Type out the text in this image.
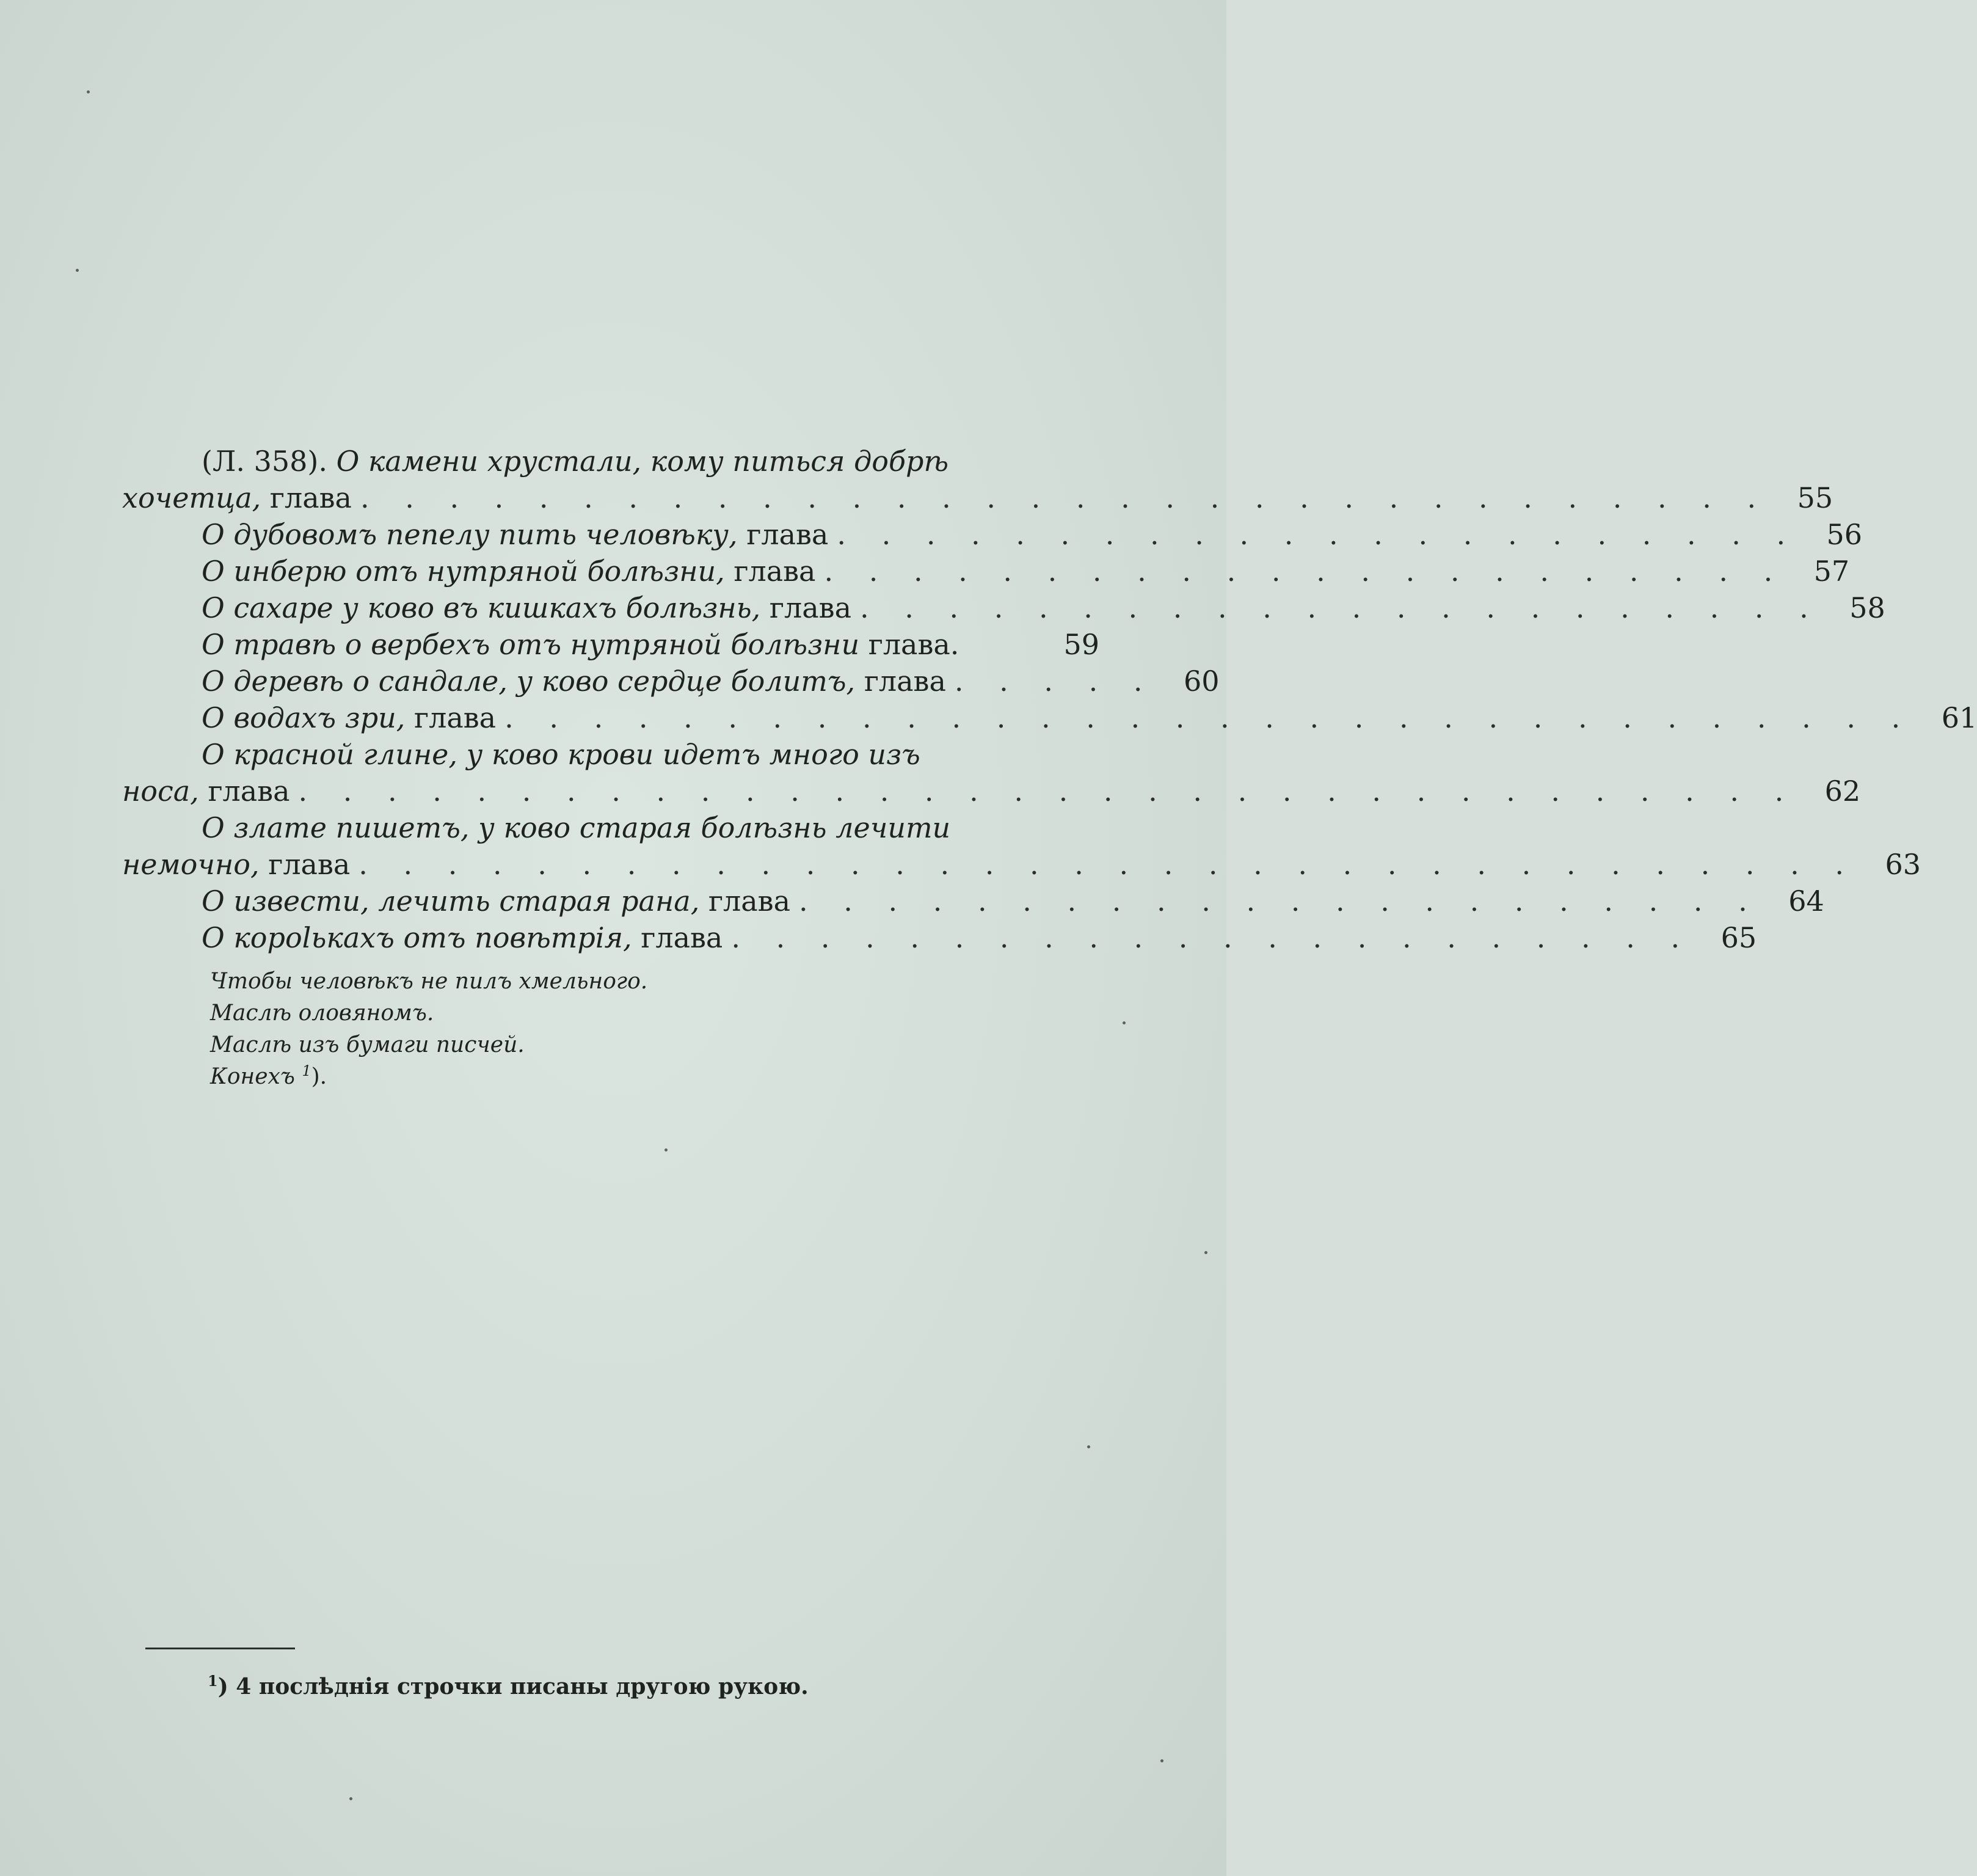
(Л. 358).
О камени хрустали, кому питься добрѣ
хочетца,
глава . . . . . . . . . . . . . . . . . . . . . . . . . . . . . . . . 55
О дубовомъ пепелу пить человѣку,
глава . . . . . . . . . . . . . . . . . . . . . . 56
О инберю отъ нутряной болѣзни,
глава . . . . . . . . . . . . . . . . . . . . . . 57
О сахаре у ково въ кишкахъ болѣзнь,
глава . . . . . . . . . . . . . . . . . . . . . . 58
О травѣ о вербехъ отъ нутряной болѣзни
глава.	59
О деревѣ о сандале, у ково сердце болитъ,
глава . . . . . 60
О водахъ зри,
глава . . . . . . . . . . . . . . . . . . . . . . . . . . . . . . . . 61
О красной глине, у ково крови идетъ много изъ
носа,
глава . . . . . . . . . . . . . . . . . . . . . . . . . . . . . . . . . . 62
О злате пишетъ, у ково старая болѣзнь лечити
немочно,
глава . . . . . . . . . . . . . . . . . . . . . . . . . . . . . . . . . . 63
О извести, лечить старая рана,
глава . . . . . . . . . . . . . . . . . . . . . . 64
О корolькахъ отъ повѣтрія,
глава . . . . . . . . . . . . . . . . . . . . . . 65
Чтобы человѣкъ не пилъ хмельного.
Маслѣ оловяномъ.
Маслѣ изъ бумаги писчей.
Конехъ $^1$).
$^1$) 4 послѣднія строчки писаны другою рукою.
